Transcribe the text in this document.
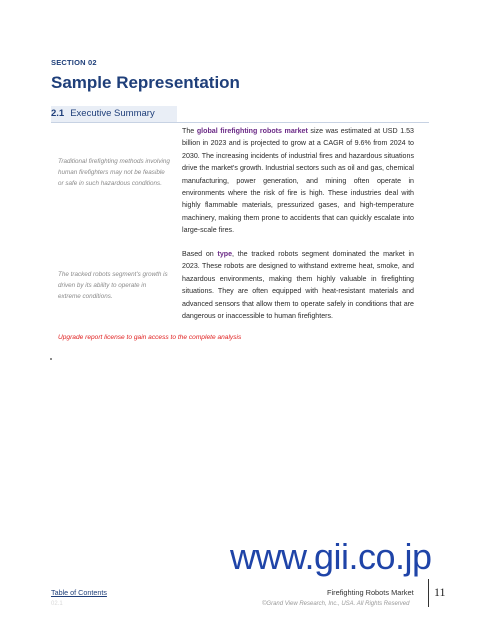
SECTION 02
Sample Representation
2.1 Executive Summary
Traditional firefighting methods involving human firefighters may not be feasible or safe in such hazardous conditions.
The tracked robots segment's growth is driven by its ability to operate in extreme conditions.
The global firefighting robots market size was estimated at USD 1.53 billion in 2023 and is projected to grow at a CAGR of 9.6% from 2024 to 2030. The increasing incidents of industrial fires and hazardous situations drive the market's growth. Industrial sectors such as oil and gas, chemical manufacturing, power generation, and mining often operate in environments where the risk of fire is high. These industries deal with highly flammable materials, pressurized gases, and high-temperature machinery, making them prone to accidents that can quickly escalate into large-scale fires.
Based on type, the tracked robots segment dominated the market in 2023. These robots are designed to withstand extreme heat, smoke, and hazardous environments, making them highly valuable in firefighting situations. They are often equipped with heat-resistant materials and advanced sensors that allow them to operate safely in conditions that are dangerous or inaccessible to human firefighters.
Upgrade report license to gain access to the complete analysis
www.gii.co.jp
Table of Contents	Firefighting Robots Market 11
02.1	©Grand View Research, Inc., USA. All Rights Reserved
